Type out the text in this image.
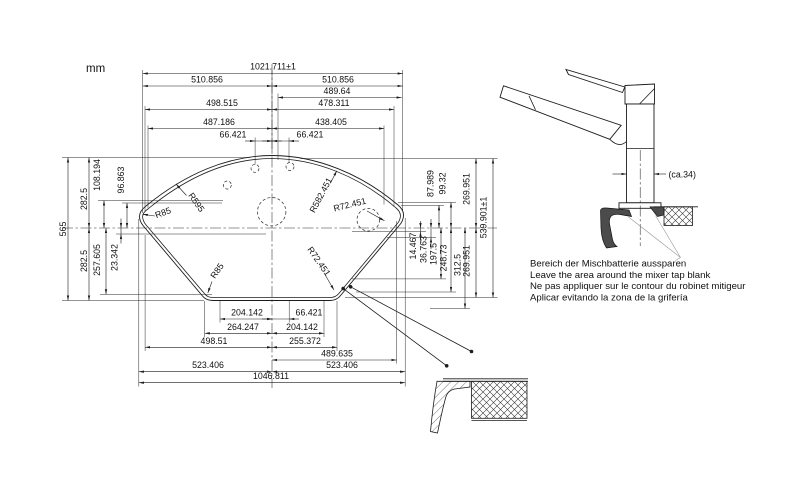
mm	1021.711±1
510.856	510.856
489.64
498.515	478.311
487.186	438.405
66.421	66.421
204.142	66.421
264.247	204.142
498.51	255.372
489.635
523.406	523.406
1046.811
565
282.5
282.5
108.194 96.863
23.342
257.605
87.989 99.32 269.951
539.901±1
14.467 36.763 197.5 248.73 312.5 269.951
R595
R85
R85
R582.451
R72.451
R72.451
(ca.34)
Bereich der Mischbatterie aussparen
Leave the area around the mixer tap blank
Ne pas appliquer sur le contour du robinet mitigeur
Aplicar evitando la zona de la grifería
